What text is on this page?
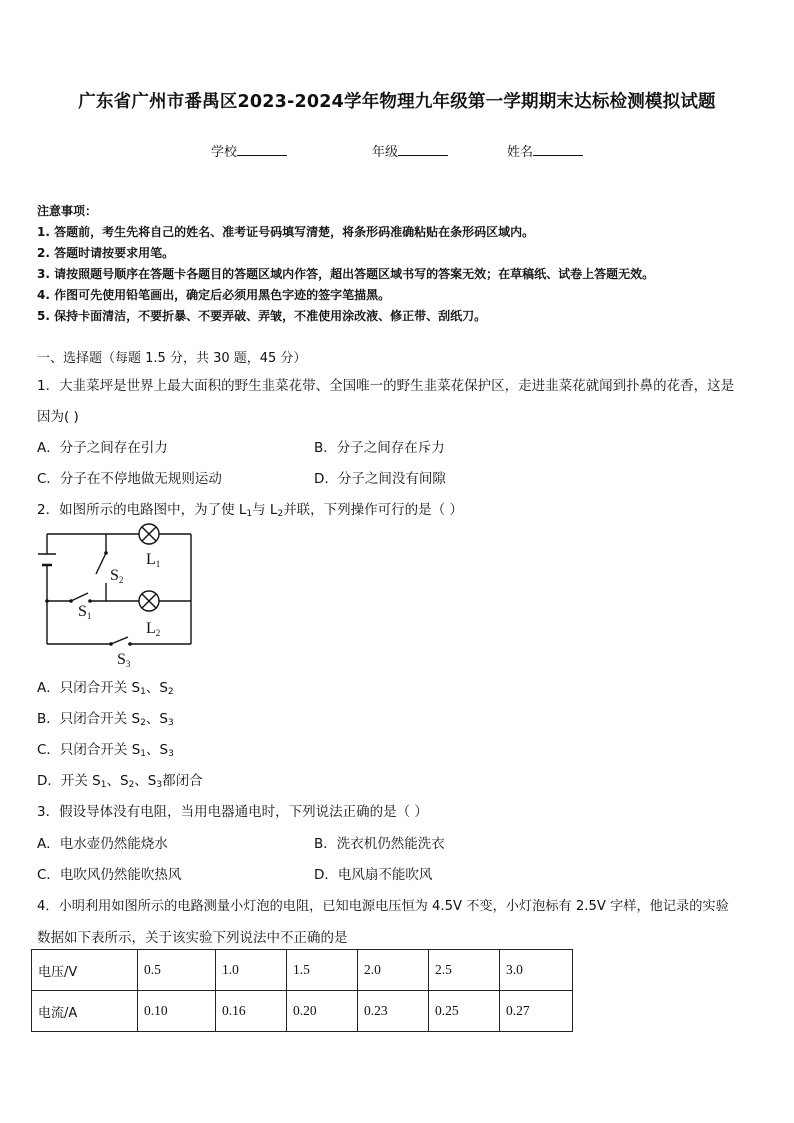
广东省广州市番禺区2023-2024学年物理九年级第一学期期末达标检测模拟试题
学校	年级	姓名
注意事项：
1. 答题前，考生先将自己的姓名、准考证号码填写清楚，将条形码准确粘贴在条形码区域内。
2. 答题时请按要求用笔。
3. 请按照题号顺序在答题卡各题目的答题区域内作答，超出答题区域书写的答案无效；在草稿纸、试卷上答题无效。
4. 作图可先使用铅笔画出，确定后必须用黑色字迹的签字笔描黑。
5. 保持卡面清洁，不要折暴、不要弄破、弄皱，不准使用涂改液、修正带、刮纸刀。
一、选择题（每题 1.5 分，共 30 题，45 分）
1．大韭菜坪是世界上最大面积的野生韭菜花带、全国唯一的野生韭菜花保护区，走进韭菜花就闻到扑鼻的花香，这是
因为( )
A．分子之间存在引力	B．分子之间存在斥力
C．分子在不停地做无规则运动	D．分子之间没有间隙
2．如图所示的电路图中，为了使 $L_1$与 $L_2$并联，下列操作可行的是（ ）
L1
L2
S2
S1
S3
A．只闭合开关 $S_1$、$S_2$
B．只闭合开关 $S_2$、$S_3$
C．只闭合开关 $S_1$、$S_3$
D．开关 $S_1$、$S_2$、$S_3$都闭合
3．假设导体没有电阻，当用电器通电时，下列说法正确的是（ ）
A．电水壶仍然能烧水	B．洗衣机仍然能洗衣
C．电吹风仍然能吹热风	D．电风扇不能吹风
4．小明利用如图所示的电路测量小灯泡的电阻，已知电源电压恒为 4.5V 不变，小灯泡标有 2.5V 字样，他记录的实验
数据如下表所示，关于该实验下列说法中不正确的是
电压/V	0.5	1.0	1.5	2.0	2.5	3.0
电流/A	0.10	0.16	0.20	0.23	0.25	0.27
